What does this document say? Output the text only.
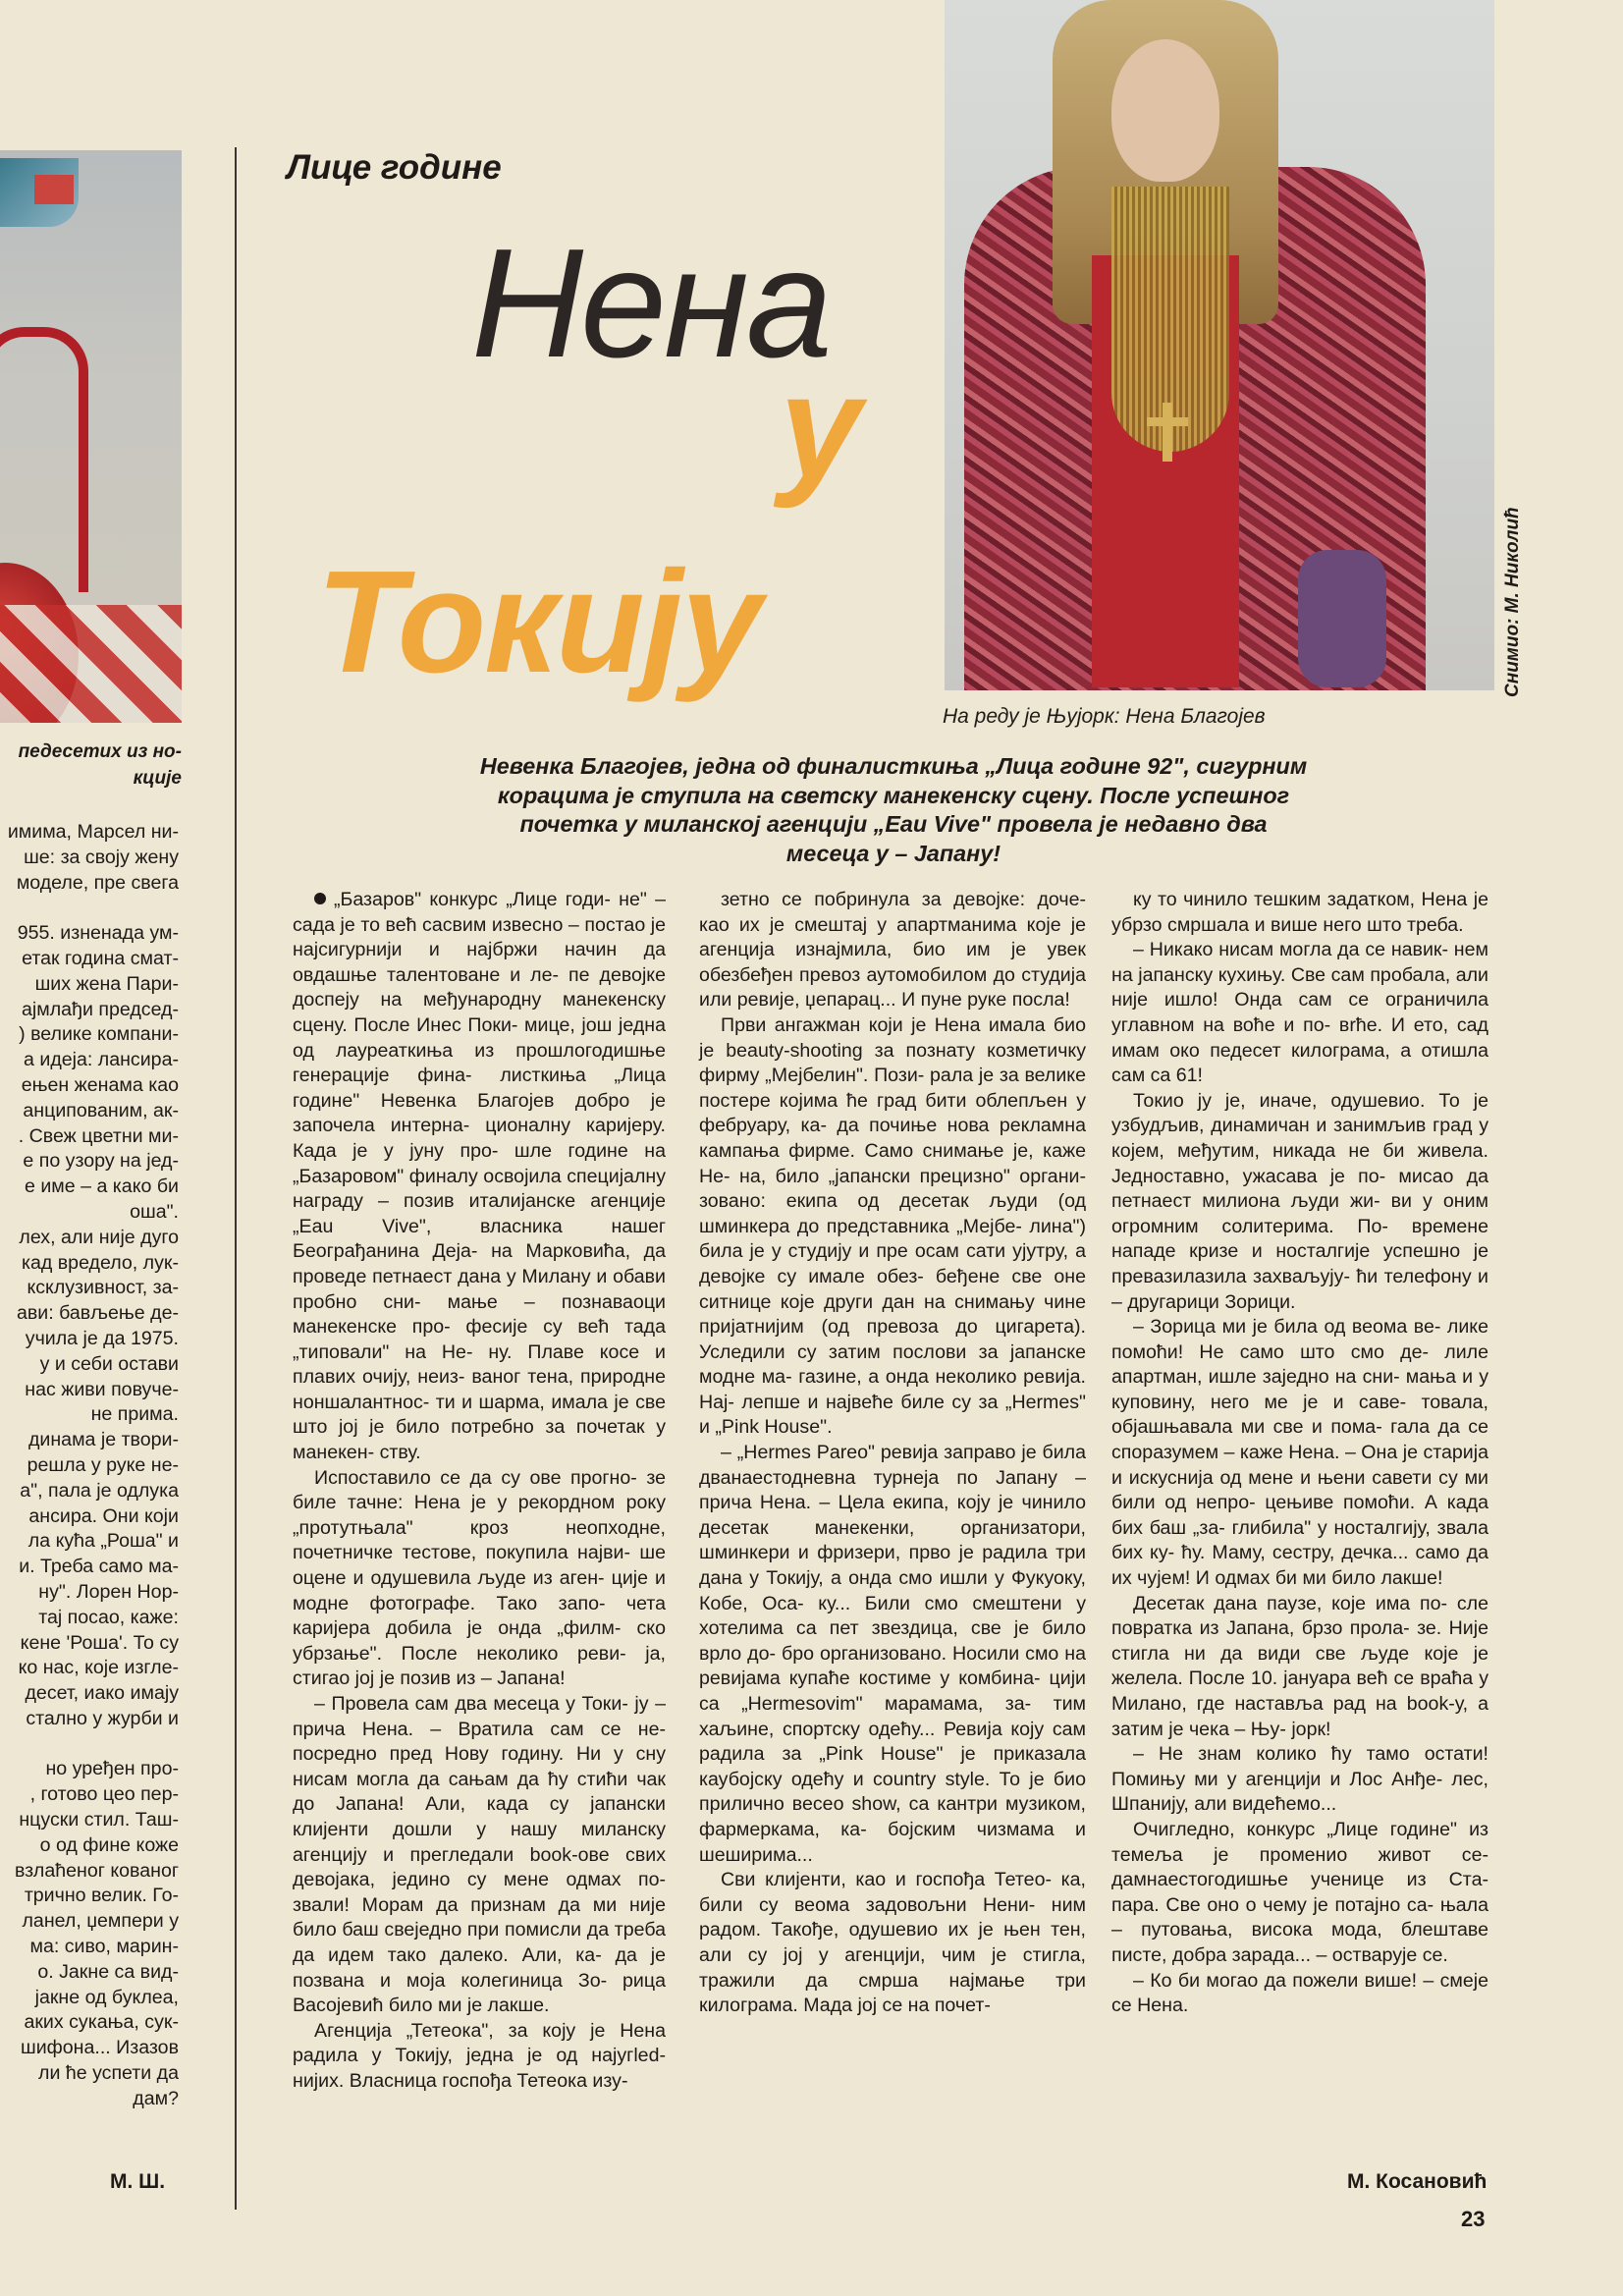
педесетих из но-
кције
имима, Марсел ни-
ше: за своју жену
моделе, пре свега
955. изненада ум-
етак година смат-
ших жена Пари-
ајмлађи председ-
) велике компани-
а идеја: лансира-
ењен женама као
анципованим, ак-
. Свеж цветни ми-
е по узору на јед-
е име – а како би
оша".
лех, али није дуго
кад вредело, лук-
ксклузивност, за-
ави: бављење де-
учила је да 1975.
у и себи остави
нас живи повуче-
не прима.
динама је твори-
решла у руке не-
а", пала је одлука
ансира. Они који
ла кућа „Роша" и
и. Треба само ма-
ну". Лорен Нор-
тај посао, каже:
кене 'Роша'. То су
ко нас, које изгле-
десет, иако имају
стално у журби и
но уређен про-
, готово цео пер-
нцуски стил. Таш-
о од фине коже
взлаћеног кованог
трично велик. Го-
ланел, џемпери у
ма: сиво, марин-
о. Јакне са вид-
јакне од буклеа,
аких сукања, сук-
шифона... Изазов
ли ће успети да
дам?
М. Ш.
Лице године
Нена
у
Токију
На реду је Њујорк: Нена Благојев
Снимио: М. Николић
Невенка Благојев, једна од финалисткиња „Лица године 92", сигурним
корацима је ступила на светску манекенску сцену. После успешног
почетка у миланској агенцији „Eau Vive" провела је недавно два
месеца у – Јапану!

„Базаров" конкурс „Лице годи- не" – сада је то већ сасвим извесно – постао је најсигурнији и најбржи начин да овдашње талентоване и ле- пе девојке доспеју на међународну манекенску сцену. После Инес Поки- мице, још једна од лауреаткиња из прошлогодишње генерације фина- листкиња „Лица године" Невенка Благојев добро је започела интерна- ционалну каријеру. Када је у јуну про- шле године на „Базаровом" финалу освојила специјалну награду – позив италијанске агенције „Eau Vive", власника нашег Београђанина Деја- на Марковића, да проведе петнаест дана у Милану и обави пробно сни- мање – познаваоци манекенске про- фесије су већ тада „типовали" на Не- ну. Плаве косе и плавих очију, неиз- ваног тена, природне ноншалантнос- ти и шарма, имала је све што јој је било потребно за почетак у манекен- ству.

Испоставило се да су ове прогно- зе биле тачне: Нена је у рекордном року „протутњала" кроз неопходне, почетничке тестове, покупила најви- ше оцене и одушевила људе из аген- ције и модне фотографе. Тако запо- чета каријера добила је онда „филм- ско убрзање". После неколико реви- ја, стигао јој је позив из – Јапана!

– Провела сам два месеца у Токи- ју – прича Нена. – Вратила сам се не- посредно пред Нову годину. Ни у сну нисам могла да сањам да ћу стићи чак до Јапана! Али, када су јапански клијенти дошли у нашу миланску агенцију и прегледали book-ове свих девојака, једино су мене одмах по- звали! Морам да признам да ми није било баш свеједно при помисли да треба да идем тако далеко. Али, ка- да је позвана и моја колегиница Зо- рица Васојевић било ми је лакше.

Агенција „Тетеока", за коју је Нена радила у Токију, једна је од најугled- нијих. Власница госпођа Тетеока изу-

зетно се побринула за девојке: доче- као их је смештај у апартманима које је агенција изнајмила, био им је увек обезбеђен превоз аутомобилом до студија или ревије, џепарац... И пуне руке посла!

Први ангажман који је Нена имала био је beauty-shooting за познату козметичку фирму „Мејбелин". Пози- рала је за велике постере којима ће град бити облепљен у фебруару, ка- да почиње нова рекламна кампања фирме. Само снимање је, каже Не- на, било „јапански прецизно" органи- зовано: екипа од десетак људи (од шминкера до представника „Мејбе- лина") била је у студију и пре осам сати ујутру, а девојке су имале обез- беђене све оне ситнице које други дан на снимању чине пријатнијим (од превоза до цигарета). Уследили су затим послови за јапанске модне ма- газине, а онда неколико ревија. Нај- лепше и највеће биле су за „Hermes" и „Pink House".

– „Hermes Pareo" ревија заправо је била дванаестодневна турнеја по Јапану – прича Нена. – Цела екипа, коју је чинило десетак манекенки, организатори, шминкери и фризери, прво је радила три дана у Токију, а онда смо ишли у Фукуоку, Кобе, Оса- ку... Били смо смештени у хотелима са пет звездица, све је било врло до- бро организовано. Носили смо на ревијама купаће костиме у комбина- цији са „Hermesovim" марамама, за- тим хаљине, спортску одећу... Ревија коју сам радила за „Pink House" је приказала каубојску одећу и country style. То је био прилично весео show, са кантри музиком, фармеркама, ка- бојским чизмама и шеширима...

Сви клијенти, као и госпођа Тетео- ка, били су веома задовољни Нени- ним радом. Такође, одушевио их је њен тен, али су јој у агенцији, чим је стигла, тражили да смрша најмање три килограма. Мада јој се на почет-

ку то чинило тешким задатком, Нена је убрзо смршала и више него што треба.

– Никако нисам могла да се навик- нем на јапанску кухињу. Све сам пробала, али није ишло! Онда сам се ограничила углавном на воће и по- вrће. И ето, сад имам око педесет килограма, а отишла сам са 61!

Токио ју је, иначе, одушевио. То је узбудљив, динамичан и занимљив град у којем, међутим, никада не би живела. Једноставно, ужасава је по- мисао да петнаест милиона људи жи- ви у оним огромним солитерима. По- времене нападе кризе и носталгије успешно је превазилазила захваљују- ћи телефону и – другарици Зорици.

– Зорица ми је била од веома ве- лике помоћи! Не само што смо де- лиле апартман, ишле заједно на сни- мања и у куповину, него ме је и саве- товала, објашњавала ми све и пома- гала да се споразумем – каже Нена. – Она је старија и искуснија од мене и њени савети су ми били од непро- цењиве помоћи. А када бих баш „за- глибила" у носталгију, звала бих ку- ћу. Маму, сестру, дечка... само да их чујем! И одмах би ми било лакше!

Десетак дана паузе, које има по- сле повратка из Јапана, брзо прола- зе. Није стигла ни да види све људе које је желела. После 10. јануара већ се враћа у Милано, где наставља рад на book-у, а затим је чека – Њу- јорк!

– Не знам колико ћу тамо остати! Помињу ми у агенцији и Лос Анђе- лес, Шпанију, али видећемо...

Очигледно, конкурс „Лице године" из темеља је променио живот се- дамнаестогодишње ученице из Ста- пара. Све оно о чему је потајно са- њала – путовања, висока мода, блештаве писте, добра зарада... – остварује се.

– Ко би могао да пожели више! – смеје се Нена.

М. Косановић
23
